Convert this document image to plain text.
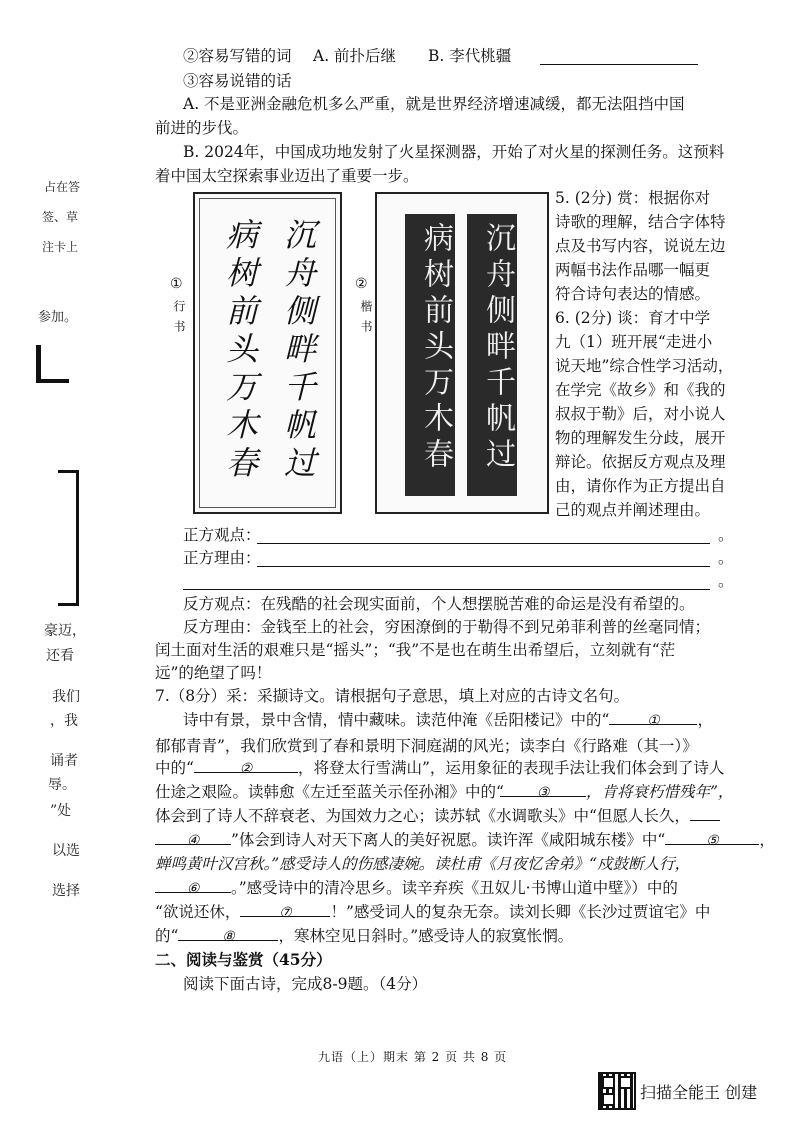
占在答
签、草
注卡上
参加。
豪迈，
还看
我们
，我
诵者
辱。
”处
以选
选择
②容易写错的词 A. 前扑后继 B. 李代桃疆
③容易说错的话
A. 不是亚洲金融危机多么严重，就是世界经济增速减缓，都无法阻挡中国
前进的步伐。
B. 2024年，中国成功地发射了火星探测器，开始了对火星的探测任务。这预料
着中国太空探索事业迈出了重要一步。
①
行书	沉舟侧畔千帆过
病树前头万木春	②
楷书	沉舟侧畔千帆过
病树前头万木春
5. (2分) 赏：根据你对
诗歌的理解，结合字体特
点及书写内容，说说左边
两幅书法作品哪一幅更
符合诗句表达的情感。
6. (2分) 谈：育才中学
九（1）班开展“走进小
说天地”综合性学习活动，
在学完《故乡》和《我的
叔叔于勒》后，对小说人
物的理解发生分歧，展开
辩论。依据反方观点及理
由，请你作为正方提出自
己的观点并阐述理由。
正方观点：	。
正方理由：	。
。
反方观点：在残酷的社会现实面前，个人想摆脱苦难的命运是没有希望的。
反方理由：金钱至上的社会，穷困潦倒的于勒得不到兄弟菲利普的丝毫同情；
闰土面对生活的艰难只是“摇头”；“我”不是也在萌生出希望后，立刻就有“茫
远”的绝望了吗！
7.（8分）采：采撷诗文。请根据句子意思，填上对应的古诗文名句。
诗中有景，景中含情，情中藏味。读范仲淹《岳阳楼记》中的“	① ，
郁郁青青”，我们欣赏到了春和景明下洞庭湖的风光；读李白《行路难（其一）》
中的“	②	，将登太行雪满山”，运用象征的表现手法让我们体会到了诗人
仕途之艰险。读韩愈《左迁至蓝关示侄孙湘》中的“	③ ，肯将衰朽惜残年”，
体会到了诗人不辞衰老、为国效力之心；读苏轼《水调歌头》中“但愿人长久，
④ ”体会到诗人对天下离人的美好祝愿。读许浑《咸阳城东楼》中“	⑤	，
蝉鸣黄叶汉宫秋。”感受诗人的伤感凄婉。读杜甫《月夜忆舍弟》“戍鼓断人行，
⑥ 。”感受诗中的清冷思乡。读辛弃疾《丑奴儿·书博山道中壁》）中的
“欲说还休，	⑦ ！”感受词人的复杂无奈。读刘长卿《长沙过贾谊宅》中
的“	⑧	，寒林空见日斜时。”感受诗人的寂寞怅惘。
二、阅读与鉴赏（45分）
阅读下面古诗，完成8-9题。（4分）
九语（上）期末 第 2 页 共 8 页
扫描全能王 创建
